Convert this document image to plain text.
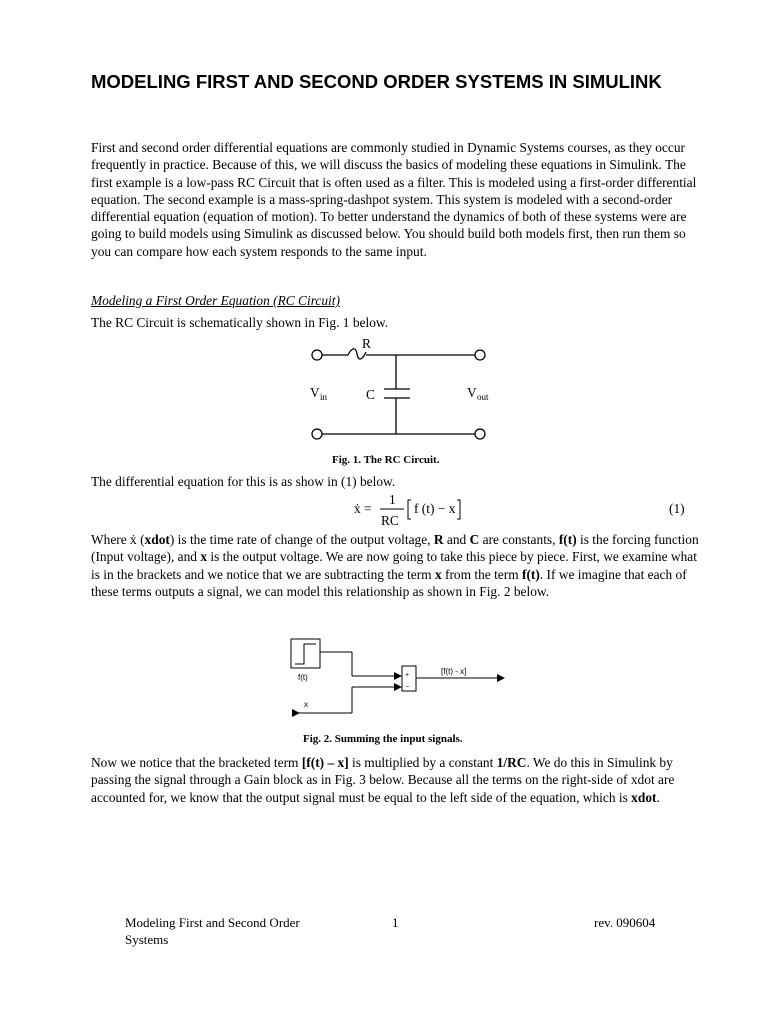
MODELING FIRST AND SECOND ORDER SYSTEMS IN SIMULINK
First and second order differential equations are commonly studied in Dynamic Systems courses, as they occur frequently in practice. Because of this, we will discuss the basics of modeling these equations in Simulink. The first example is a low-pass RC Circuit that is often used as a filter. This is modeled using a first-order differential equation. The second example is a mass-spring-dashpot system. This system is modeled with a second-order differential equation (equation of motion). To better understand the dynamics of both of these systems were are going to build models using Simulink as discussed below. You should build both models first, then run them so you can compare how each system responds to the same input.
Modeling a First Order Equation (RC Circuit)
The RC Circuit is schematically shown in Fig. 1 below.
R
C
V in	V out
Fig. 1. The RC Circuit.
The differential equation for this is as show in (1) below.
ẋ =
1
RC
f (t) − x	(1)
Where ẋ (xdot) is the time rate of change of the output voltage, R and C are constants, f(t) is the forcing function (Input voltage), and x is the output voltage. We are now going to take this piece by piece. First, we examine what is in the brackets and we notice that we are subtracting the term x from the term f(t). If we imagine that each of these terms outputs a signal, we can model this relationship as shown in Fig. 2 below.
f(t)
x
[f(t) - x]
+
−
Fig. 2. Summing the input signals.
Now we notice that the bracketed term [f(t) – x] is multiplied by a constant 1/RC. We do this in Simulink by passing the signal through a Gain block as in Fig. 3 below. Because all the terms on the right-side of xdot are accounted for, we know that the output signal must be equal to the left side of the equation, which is xdot.
Modeling First and Second Order Systems
1	rev. 090604
